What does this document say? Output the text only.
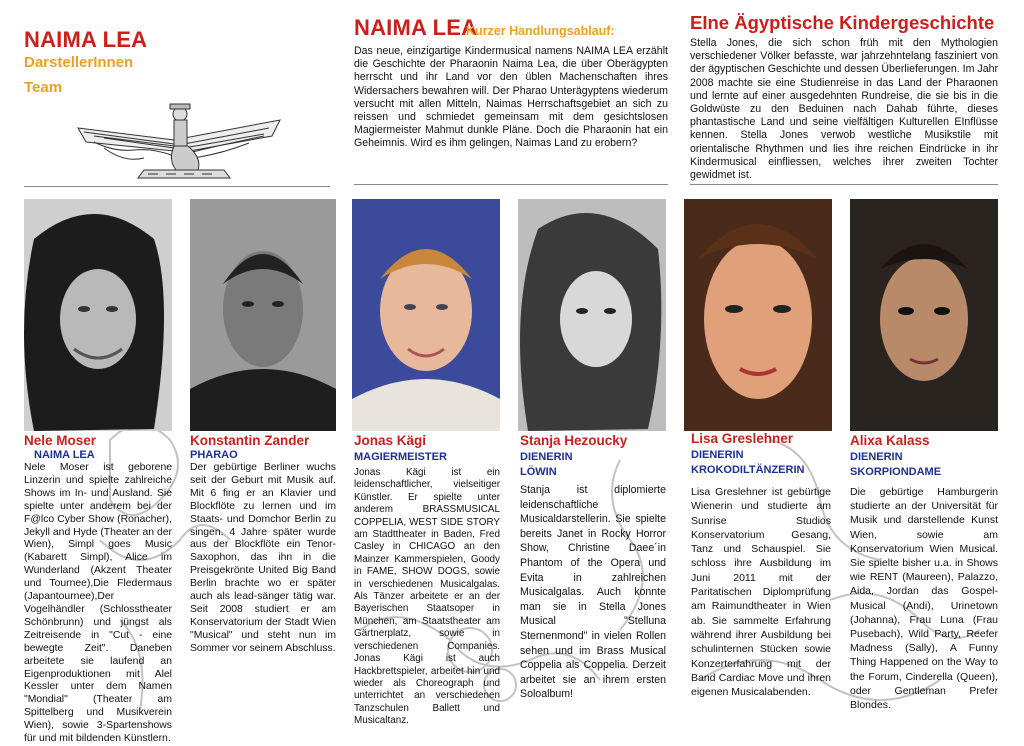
NAIMA LEA
DarstellerInnen
Team
NAIMA LEA
Kurzer Handlungsablauf:
Das neue, einzigartige Kindermusical namens NAIMA LEA erzählt die Geschichte der Pharaonin Naima Lea, die über Oberägypten herrscht und ihr Land vor den üblen Machenschaften ihres Widersachers bewahren will. Der Pharao Unterägyptens wiederum versucht mit allen Mitteln, Naimas Herrschaftsgebiet an sich zu reissen und schmiedet gemeinsam mit dem gesichtslosen Magiermeister Mahmut dunkle Pläne. Doch die Pharaonin hat ein Geheimnis. Wird es ihm gelingen, Naimas Land zu erobern?
EIne Ägyptische Kindergeschichte
Stella Jones, die sich schon früh mit den Mythologien verschiedener Völker befasste, war jahrzehntelang fasziniert von der ägyptischen Geschichte und dessen Überlieferungen. Im Jahr 2008 machte sie eine Studienreise in das Land der Pharaonen und lernte auf einer ausgedehnten Rundreise, die sie bis in die Goldwüste zu den Beduinen nach Dahab führte, dieses phantastische Land und seine vielfältigen Kulturellen EInflüsse kennen. Stella Jones verwob westliche Musikstile mit orientalische Rhythmen und lies ihre reichen Eindrücke in ihr Kindermusical einfliessen, welches ihrer zweiten Tochter gewidmet ist.
Nele Moser
NAIMA LEA
Nele Moser ist geborene Linzerin und spielte zahlreiche Shows im In- und Ausland. Sie spielte unter anderem bei der F@lco Cyber Show (Ronacher), Jekyll and Hyde (Theater an der Wien), Simpl goes Music (Kabarett Simpl), Alice im Wunderland (Akzent Theater und Tournee),Die Fledermaus (Japantournee),Der Vogelhändler (Schlosstheater Schönbrunn) und jüngst als Zeitreisende in "Cut - eine bewegte Zeit". Daneben arbeitete sie laufend an Eigenproduktionen mit Alel Kessler unter dem Namen "Mondial" (Theater am Spittelberg und Musikverein Wien), sowie 3-Spartenshows für und mit bildenden Künstlern.
Konstantin Zander
PHARAO
Der gebürtige Berliner wuchs seit der Geburt mit Musik auf. Mit 6 fing er an Klavier und Blockflöte zu lernen und im Staats- und Domchor Berlin zu singen. 4 Jahre später wurde aus der Blockflöte ein Tenor-Saxophon, das ihn in die Preisgekrönte United Big Band Berlin brachte wo er später auch als lead-sänger tätig war. Seit 2008 studiert er am Konservatorium der Stadt Wien "Musical" und steht nun im Sommer vor seinem Abschluss.
Jonas Kägi
MAGIERMEISTER
Jonas Kägi ist ein leidenschaftlicher, vielseitiger Künstler. Er spielte unter anderem BRASSMUSICAL COPPELIA, WEST SIDE STORY am Stadttheater in Baden, Fred Casley in CHICAGO an den Mainzer Kammerspielen, Goody in FAME, SHOW DOGS, sowie in verschiedenen Musicalgalas. Als Tänzer arbeitete er an der Bayerischen Staatsoper in München, am Staatstheater am Gärtnerplatz, sowie in verschiedenen Companies. Jonas Kägi ist auch Hackbrettspieler, arbeitet hin und wieder als Choreograph und unterrichtet an verschiedenen Tanzschulen Ballett und Musicaltanz.
Stanja Hezoucky
DIENERIN
LÖWIN
Stanja ist diplomierte leidenschaftliche Musicaldarstellerin. Sie spielte bereits Janet in Rocky Horror Show, Christine Daee´in Phantom of the Opera und Evita in zahlreichen Musicalgalas. Auch konnte man sie in Stella Jones Musical "Stelluna Sternenmond" in vielen Rollen sehen und im Brass Musical Coppelia als Coppelia. Derzeit arbeitet sie an ihrem ersten Soloalbum!
Lisa Greslehner
DIENERIN
KROKODILTÄNZERIN
Lisa Greslehner ist gebürtige Wienerin und studierte am Sunrise Studios Konservatorium Gesang, Tanz und Schauspiel. Sie schloss ihre Ausbildung im Juni 2011 mit der Paritatischen Diplomprüfung am Raimundtheater in Wien ab. Sie sammelte Erfahrung während ihrer Ausbildung bei schulinternen Stücken sowie Konzerterfahrung mit der Band Cardiac Move und ihren eigenen Musicalabenden.
Alixa Kalass
DIENERIN
SKORPIONDAME
Die gebürtige Hamburgerin studierte an der Universität für Musik und darstellende Kunst Wien, sowie am Konservatorium Wien Musical. Sie spielte bisher u.a. in Shows wie RENT (Maureen), Palazzo, Aida, Jordan das Gospel-Musical (Andi), Urinetown (Johanna), Frau Luna (Frau Pusebach), Wild Party, Reefer Madness (Sally), A Funny Thing Happened on the Way to the Forum, Cinderella (Queen), oder Gentleman Prefer Blondes.
